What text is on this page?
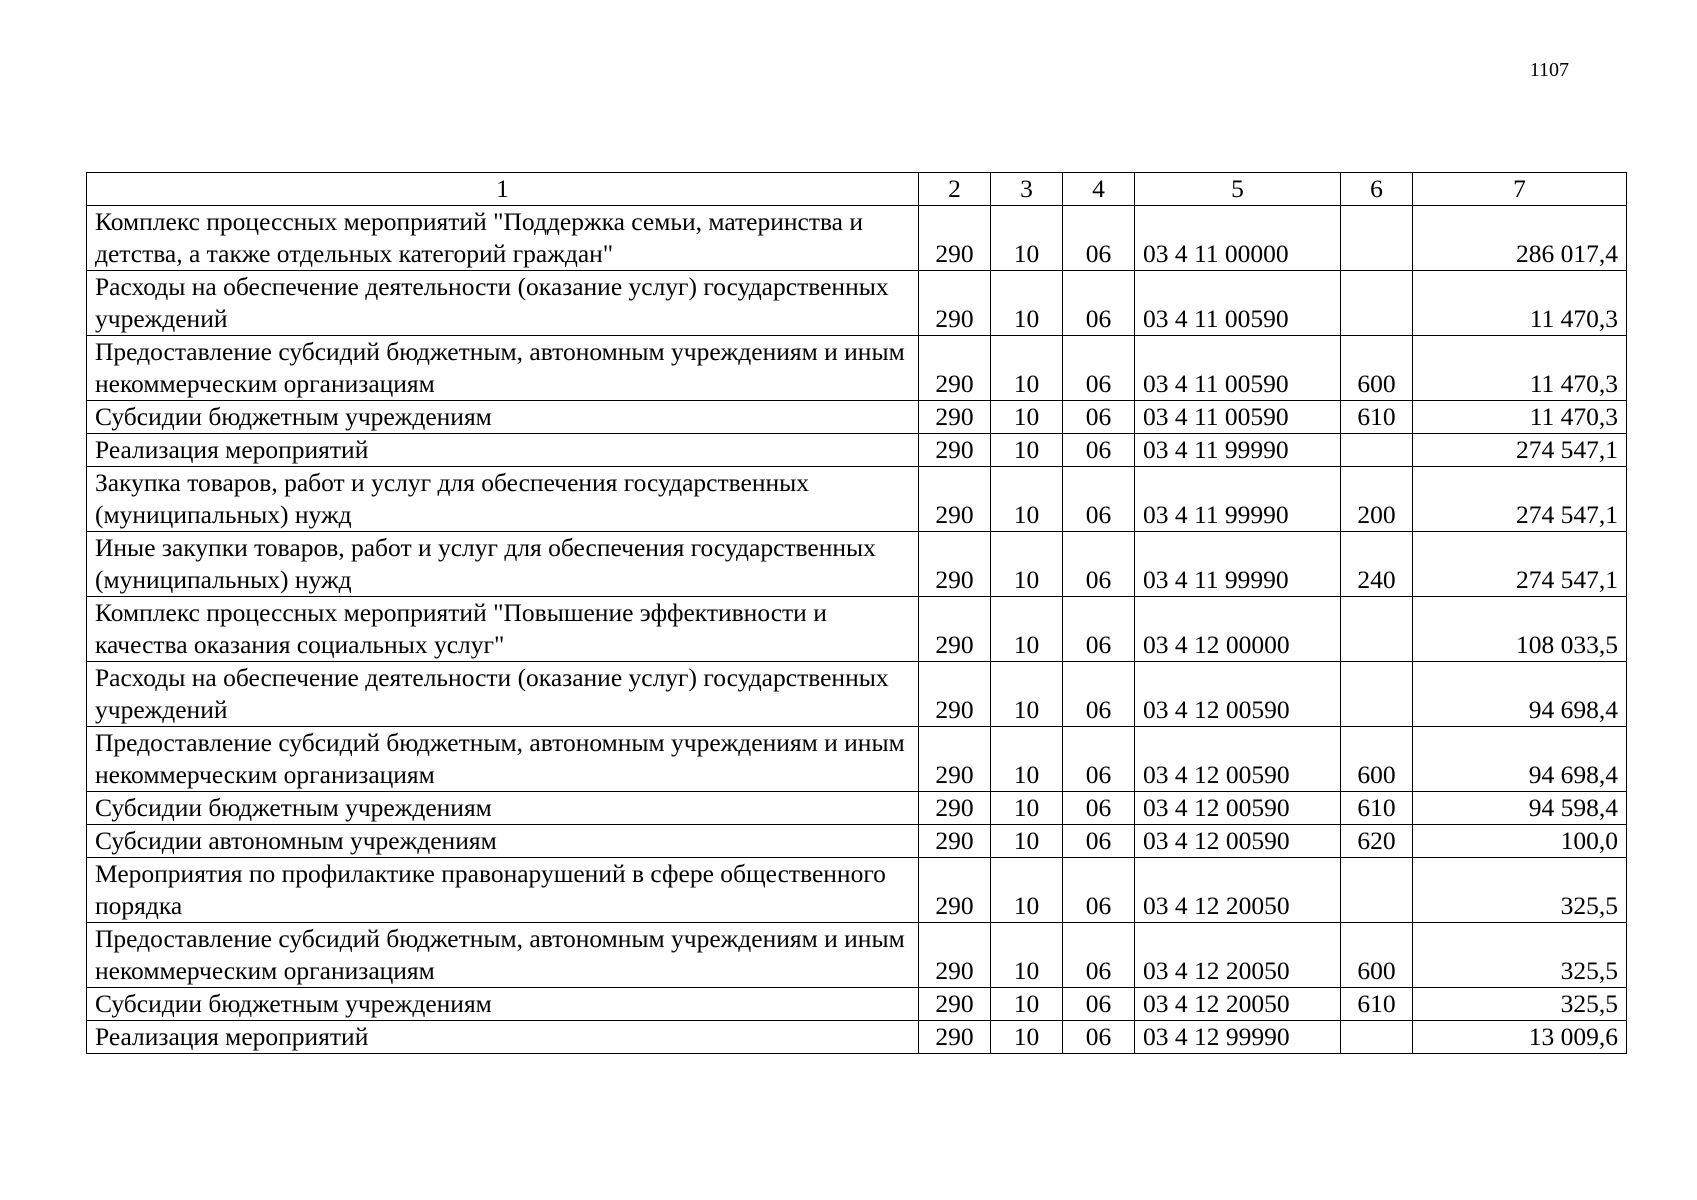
1107
1	2	3	4	5	6	7
Комплекс процессных мероприятий "Поддержка семьи, материнства и детства, а также отдельных категорий граждан"	290	10	06	03 4 11 00000		286 017,4
Расходы на обеспечение деятельности (оказание услуг) государственных учреждений	290	10	06	03 4 11 00590		11 470,3
Предоставление субсидий бюджетным, автономным учреждениям и иным некоммерческим организациям	290	10	06	03 4 11 00590	600	11 470,3
Субсидии бюджетным учреждениям	290	10	06	03 4 11 00590	610	11 470,3
Реализация мероприятий	290	10	06	03 4 11 99990		274 547,1
Закупка товаров, работ и услуг для обеспечения государственных (муниципальных) нужд	290	10	06	03 4 11 99990	200	274 547,1
Иные закупки товаров, работ и услуг для обеспечения государственных (муниципальных) нужд	290	10	06	03 4 11 99990	240	274 547,1
Комплекс процессных мероприятий "Повышение эффективности и качества оказания социальных услуг"	290	10	06	03 4 12 00000		108 033,5
Расходы на обеспечение деятельности (оказание услуг) государственных учреждений	290	10	06	03 4 12 00590		94 698,4
Предоставление субсидий бюджетным, автономным учреждениям и иным некоммерческим организациям	290	10	06	03 4 12 00590	600	94 698,4
Субсидии бюджетным учреждениям	290	10	06	03 4 12 00590	610	94 598,4
Субсидии автономным учреждениям	290	10	06	03 4 12 00590	620	100,0
Мероприятия по профилактике правонарушений в сфере общественного порядка	290	10	06	03 4 12 20050		325,5
Предоставление субсидий бюджетным, автономным учреждениям и иным некоммерческим организациям	290	10	06	03 4 12 20050	600	325,5
Субсидии бюджетным учреждениям	290	10	06	03 4 12 20050	610	325,5
Реализация мероприятий	290	10	06	03 4 12 99990		13 009,6
